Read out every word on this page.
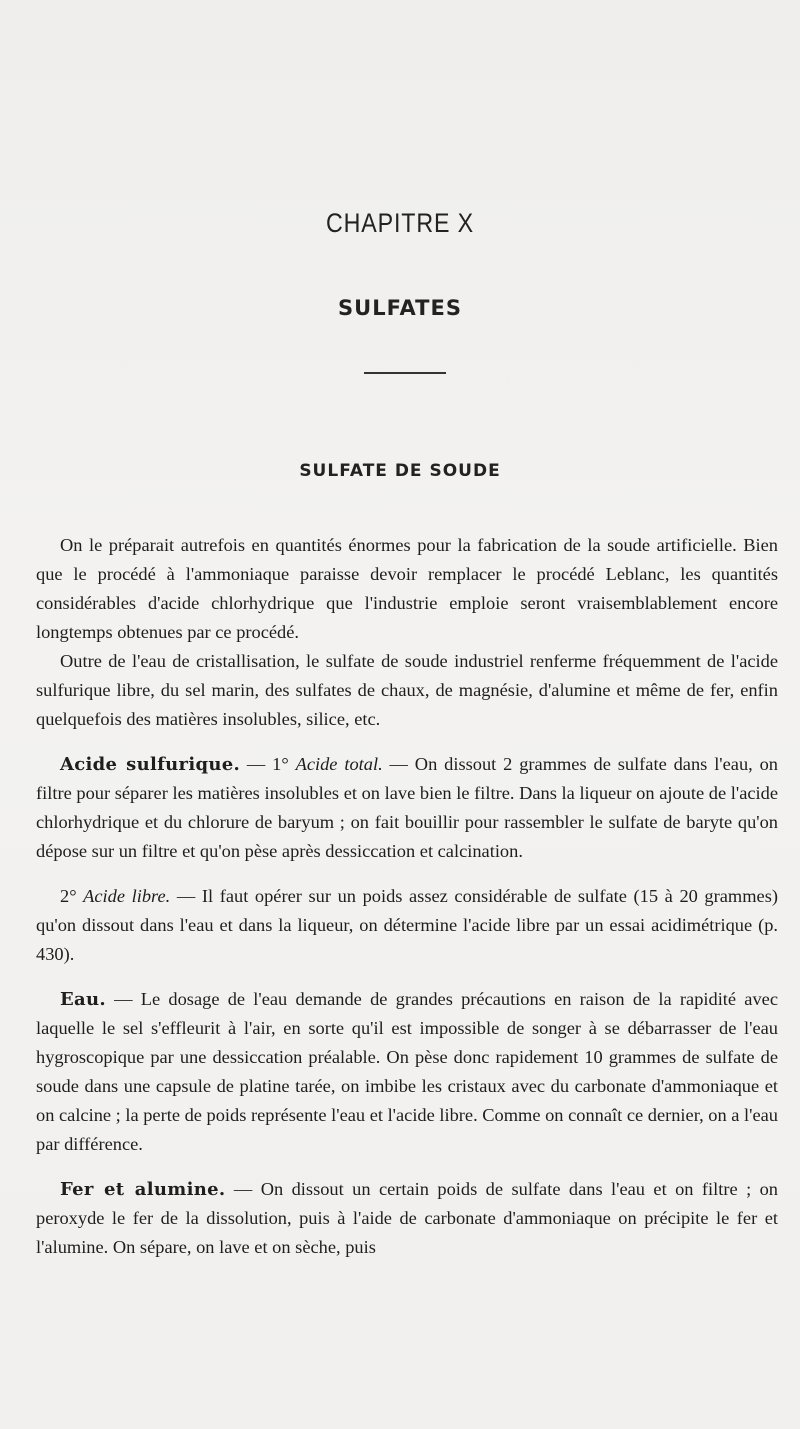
CHAPITRE X
SULFATES
SULFATE DE SOUDE

On le préparait autrefois en quantités énormes pour la fabrication de la soude artificielle. Bien que le procédé à l'ammoniaque paraisse devoir remplacer le procédé Leblanc, les quantités considérables d'acide chlorhydrique que l'industrie emploie seront vraisemblablement encore longtemps obtenues par ce procédé.

Outre de l'eau de cristallisation, le sulfate de soude industriel renferme fréquemment de l'acide sulfurique libre, du sel marin, des sulfates de chaux, de magnésie, d'alumine et même de fer, enfin quelquefois des matières insolubles, silice, etc.

Acide sulfurique. — 1° Acide total. — On dissout 2 grammes de sulfate dans l'eau, on filtre pour séparer les matières insolubles et on lave bien le filtre. Dans la liqueur on ajoute de l'acide chlorhydrique et du chlorure de baryum ; on fait bouillir pour rassembler le sulfate de baryte qu'on dépose sur un filtre et qu'on pèse après dessiccation et calcination.

2° Acide libre. — Il faut opérer sur un poids assez considérable de sulfate (15 à 20 grammes) qu'on dissout dans l'eau et dans la liqueur, on détermine l'acide libre par un essai acidimétrique (p. 430).

Eau. — Le dosage de l'eau demande de grandes précautions en raison de la rapidité avec laquelle le sel s'effleurit à l'air, en sorte qu'il est impossible de songer à se débarrasser de l'eau hygroscopique par une dessiccation préalable. On pèse donc rapidement 10 grammes de sulfate de soude dans une capsule de platine tarée, on imbibe les cristaux avec du carbonate d'ammoniaque et on calcine ; la perte de poids représente l'eau et l'acide libre. Comme on connaît ce dernier, on a l'eau par différence.

Fer et alumine. — On dissout un certain poids de sulfate dans l'eau et on filtre ; on peroxyde le fer de la dissolution, puis à l'aide de carbonate d'ammoniaque on précipite le fer et l'alumine. On sépare, on lave et on sèche, puis
